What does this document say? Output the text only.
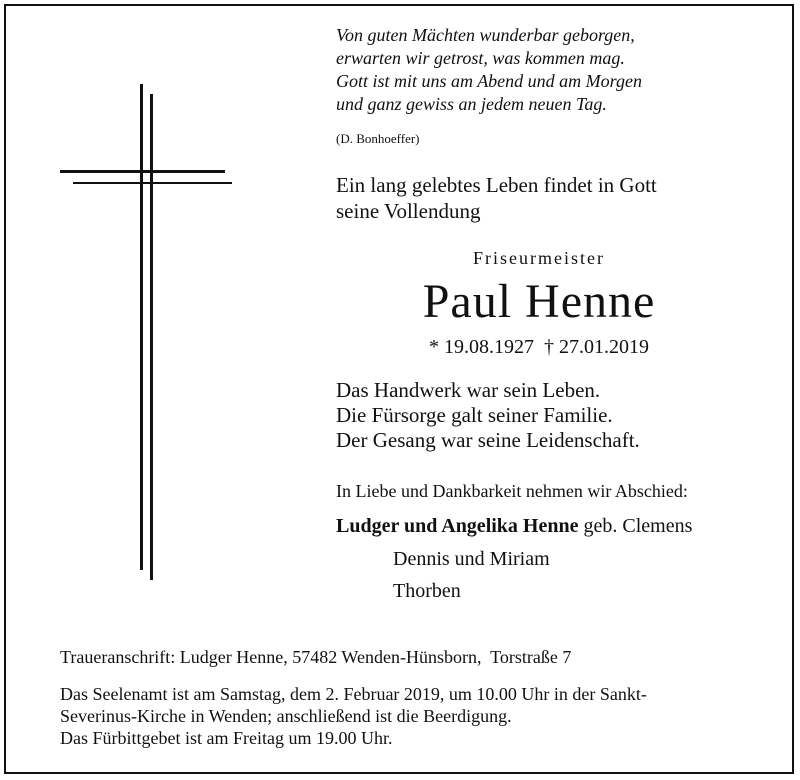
Von guten Mächten wunderbar geborgen,
erwarten wir getrost, was kommen mag.
Gott ist mit uns am Abend und am Morgen
und ganz gewiss an jedem neuen Tag.
(D. Bonhoeffer)
Ein lang gelebtes Leben findet in Gott
seine Vollendung
Friseurmeister
Paul Henne
* 19.08.1927  † 27.01.2019
Das Handwerk war sein Leben.
Die Fürsorge galt seiner Familie.
Der Gesang war seine Leidenschaft.
In Liebe und Dankbarkeit nehmen wir Abschied:
Ludger und Angelika Henne geb. Clemens
Dennis und Miriam
Thorben
Traueranschrift: Ludger Henne, 57482 Wenden-Hünsborn,  Torstraße 7
Das Seelenamt ist am Samstag, dem 2. Februar 2019, um 10.00 Uhr in der Sankt-
Severinus-Kirche in Wenden; anschließend ist die Beerdigung.
Das Fürbittgebet ist am Freitag um 19.00 Uhr.
